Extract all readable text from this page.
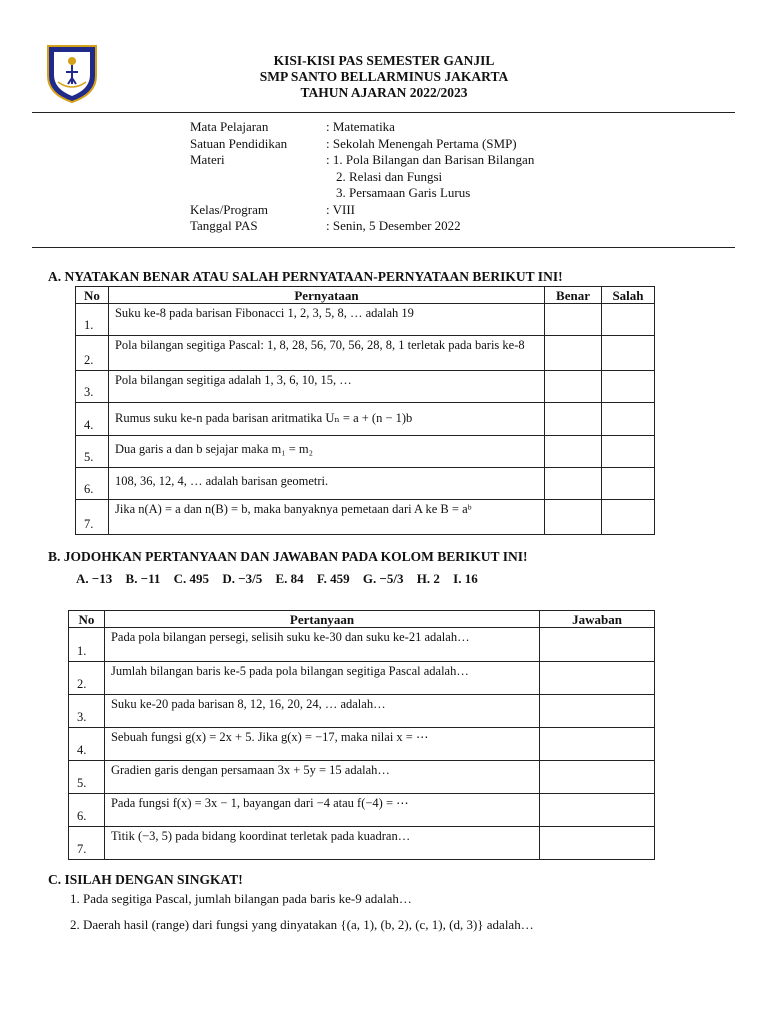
KISI-KISI PAS SEMESTER GANJIL
SMP SANTO BELLARMINUS JAKARTA
TAHUN AJARAN 2022/2023
Mata Pelajaran	: Matematika
Satuan Pendidikan	: Sekolah Menengah Pertama (SMP)
Materi	: 1. Pola Bilangan dan Barisan Bilangan
2. Relasi dan Fungsi
3. Persamaan Garis Lurus
Kelas/Program	: VIII
Tanggal PAS	: Senin, 5 Desember 2022
A. NYATAKAN BENAR ATAU SALAH PERNYATAAN-PERNYATAAN BERIKUT INI!
No	Pernyataan	Benar	Salah
1.	Suku ke-8 pada barisan Fibonacci 1, 2, 3, 5, 8, … adalah 19		
2.	Pola bilangan segitiga Pascal: 1, 8, 28, 56, 70, 56, 28, 8, 1 terletak pada baris ke-8		
3.	Pola bilangan segitiga adalah 1, 3, 6, 10, 15, …		
4.	Rumus suku ke-n pada barisan aritmatika Uₙ = a + (n − 1)b		
5.	Dua garis a dan b sejajar maka m₁ = m₂		
6.	108, 36, 12, 4, … adalah barisan geometri.		
7.	Jika n(A) = a dan n(B) = b, maka banyaknya pemetaan dari A ke B = aᵇ		
B. JODOHKAN PERTANYAAN DAN JAWABAN PADA KOLOM BERIKUT INI!
A. −13 B. −11 C. 495 D. −3/5 E. 84 F. 459 G. −5/3 H. 2 I. 16
No	Pertanyaan	Jawaban
1.	Pada pola bilangan persegi, selisih suku ke-30 dan suku ke-21 adalah…	
2.	Jumlah bilangan baris ke-5 pada pola bilangan segitiga Pascal adalah…	
3.	Suku ke-20 pada barisan 8, 12, 16, 20, 24, … adalah…	
4.	Sebuah fungsi g(x) = 2x + 5. Jika g(x) = −17, maka nilai x = ⋯	
5.	Gradien garis dengan persamaan 3x + 5y = 15 adalah…	
6.	Pada fungsi f(x) = 3x − 1, bayangan dari −4 atau f(−4) = ⋯	
7.	Titik (−3, 5) pada bidang koordinat terletak pada kuadran…	
C. ISILAH DENGAN SINGKAT!
1. Pada segitiga Pascal, jumlah bilangan pada baris ke-9 adalah…
2. Daerah hasil (range) dari fungsi yang dinyatakan {(a, 1), (b, 2), (c, 1), (d, 3)} adalah…
